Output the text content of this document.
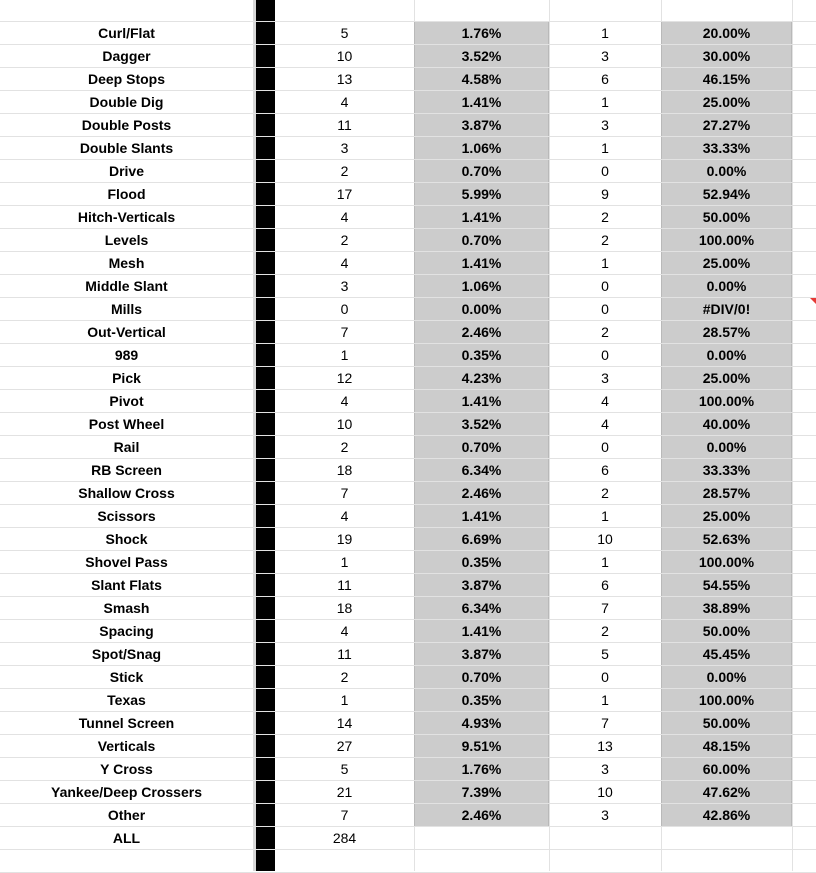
Curl/Flat	5	1.76%	1	20.00%
Dagger	10	3.52%	3	30.00%
Deep Stops	13	4.58%	6	46.15%
Double Dig	4	1.41%	1	25.00%
Double Posts	11	3.87%	3	27.27%
Double Slants	3	1.06%	1	33.33%
Drive	2	0.70%	0	0.00%
Flood	17	5.99%	9	52.94%
Hitch-Verticals	4	1.41%	2	50.00%
Levels	2	0.70%	2	100.00%
Mesh	4	1.41%	1	25.00%
Middle Slant	3	1.06%	0	0.00%
Mills	0	0.00%	0	#DIV/0!
Out-Vertical	7	2.46%	2	28.57%
989	1	0.35%	0	0.00%
Pick	12	4.23%	3	25.00%
Pivot	4	1.41%	4	100.00%
Post Wheel	10	3.52%	4	40.00%
Rail	2	0.70%	0	0.00%
RB Screen	18	6.34%	6	33.33%
Shallow Cross	7	2.46%	2	28.57%
Scissors	4	1.41%	1	25.00%
Shock	19	6.69%	10	52.63%
Shovel Pass	1	0.35%	1	100.00%
Slant Flats	11	3.87%	6	54.55%
Smash	18	6.34%	7	38.89%
Spacing	4	1.41%	2	50.00%
Spot/Snag	11	3.87%	5	45.45%
Stick	2	0.70%	0	0.00%
Texas	1	0.35%	1	100.00%
Tunnel Screen	14	4.93%	7	50.00%
Verticals	27	9.51%	13	48.15%
Y Cross	5	1.76%	3	60.00%
Yankee/Deep Crossers	21	7.39%	10	47.62%
Other	7	2.46%	3	42.86%
ALL	284
